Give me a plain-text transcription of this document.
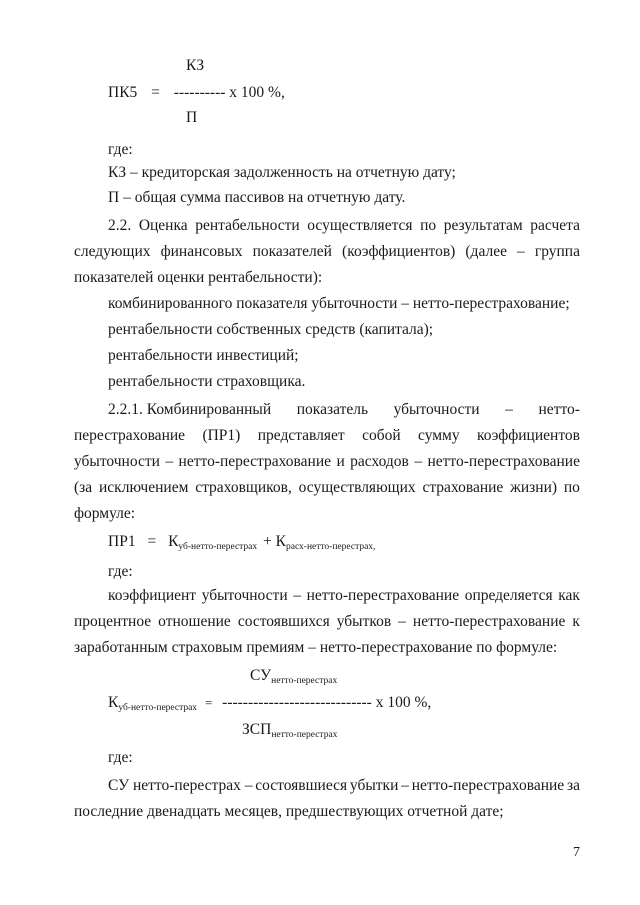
КЗ
ПК5 = ---------- х 100 %,
П
где:
КЗ – кредиторская задолженность на отчетную дату;
П – общая сумма пассивов на отчетную дату.
2.2. Оценка рентабельности осуществляется по результатам расчета
следующих финансовых показателей (коэффициентов) (далее – группа
показателей оценки рентабельности):
комбинированного показателя убыточности – нетто-перестрахование;
рентабельности собственных средств (капитала);
рентабельности инвестиций;
рентабельности страховщика.
2.2.1. Комбинированный показатель убыточности – нетто-
перестрахование (ПР1) представляет собой сумму коэффициентов
убыточности – нетто-перестрахование и расходов – нетто-перестрахование
(за исключением страховщиков, осуществляющих страхование жизни) по
формуле:
ПР1 = Куб-нетто-перестрах + Красх-нетто-перестрах,
где:
коэффициент убыточности – нетто-перестрахование определяется как
процентное отношение состоявшихся убытков – нетто-перестрахование к
заработанным страховым премиям – нетто-перестрахование по формуле:
СУнетто-перестрах
Куб-нетто-перестрах = ----------------------------- х 100 %,
ЗСПнетто-перестрах
где:
СУ нетто-перестрах – состоявшиеся убытки – нетто-перестрахование за
последние двенадцать месяцев, предшествующих отчетной дате;
7
